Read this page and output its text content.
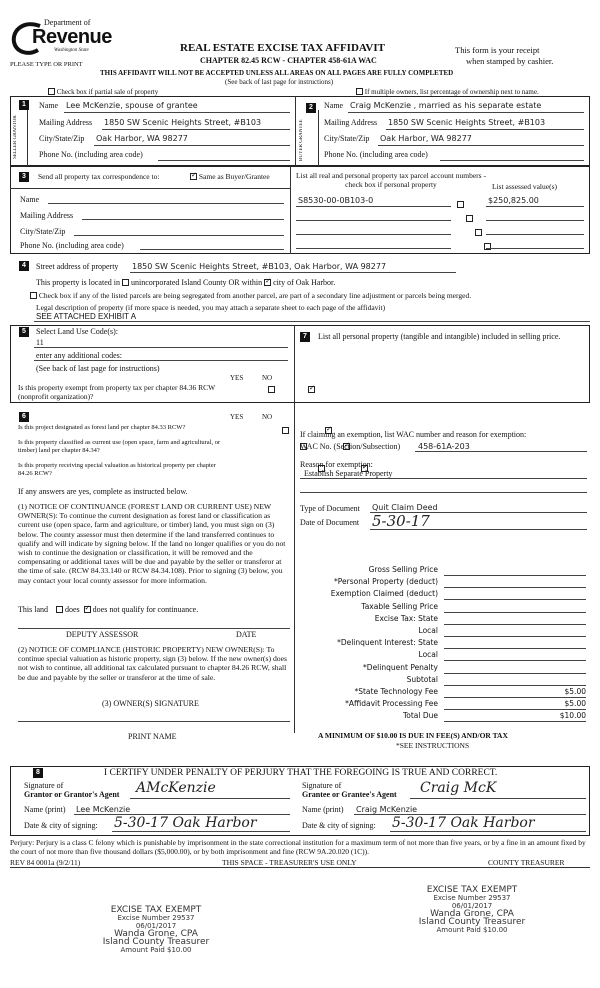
Department of
Revenue
Washington State
PLEASE TYPE OR PRINT
REAL ESTATE EXCISE TAX AFFIDAVIT
CHAPTER 82.45 RCW - CHAPTER 458-61A WAC
This form is your receipt
when stamped by cashier.
THIS AFFIDAVIT WILL NOT BE ACCEPTED UNLESS ALL AREAS ON ALL PAGES ARE FULLY COMPLETED
(See back of last page for instructions)
Check box if partial sale of property	If multiple owners, list percentage of ownership next to name.
1
SELLER GRANTOR
Name Lee McKenzie, spouse of grantee
Mailing Address 1850 SW Scenic Heights Street, #B103
City/State/Zip Oak Harbor, WA 98277
Phone No. (including area code)
2
BUYER GRANTEE
Name Craig McKenzie , married as his separate estate
Mailing Address 1850 SW Scenic Heights Street, #B103
City/State/Zip Oak Harbor, WA 98277
Phone No. (including area code)
3	Send all property tax correspondence to: ✓	Same as Buyer/Grantee
Name
Mailing Address
City/State/Zip
Phone No. (including area code)
List all real and personal property tax parcel account numbers - check box if personal property	List assessed value(s)
S8530-00-0B103-0	$250,825.00

4	Street address of property 1850 SW Scenic Heights Street, #B103, Oak Harbor, WA 98277
This property is located in unincorporated Island County OR within ✓ city of Oak Harbor.
Check box if any of the listed parcels are being segregated from another parcel, are part of a secondary line adjustment or parcels being merged.
Legal description of property (if more space is needed, you may attach a separate sheet to each page of the affidavit)
SEE ATTACHED EXHIBIT A
5	Select Land Use Code(s):
11
enter any additional codes:
(See back of last page for instructions)
YES	NO
Is this property exempt from property tax per chapter 84.36 RCW (nonprofit organization)?
✓
7	List all personal property (tangible and intangible) included in selling price.
6	YES	NO
Is this project designated as forest land per chapter 84.33 RCW?
✓
Is this property classified as current use (open space, farm and agricultural, or timber) land per chapter 84.34?
✓
Is this property receiving special valuation as historical property per chapter 84.26 RCW?
✓
If any answers are yes, complete as instructed below.
(1) NOTICE OF CONTINUANCE (FOREST LAND OR CURRENT USE) NEW OWNER(S): To continue the current designation as forest land or classification as current use (open space, farm and agriculture, or timber) land, you must sign on (3) below. The county assessor must then determine if the land transferred continues to qualify and will indicate by signing below. If the land no longer qualifies or you do not wish to continue the designation or classification, it will be removed and the compensating or additional taxes will be due and payable by the seller or transferor at the time of sale. (RCW 84.33.140 or RCW 84.34.108). Prior to signing (3) below, you may contact your local county assessor for more information.
This land does ✓ does not qualify for continuance.
DEPUTY ASSESSOR	DATE
(2) NOTICE OF COMPLIANCE (HISTORIC PROPERTY) NEW OWNER(S): To continue special valuation as historic property, sign (3) below. If the new owner(s) does not wish to continue, all additional tax calculated pursuant to chapter 84.26 RCW, shall be due and payable by the seller or transferor at the time of sale.
(3) OWNER(S) SIGNATURE
PRINT NAME
If claiming an exemption, list WAC number and reason for exemption:
WAC No. (Section/Subsection) 458-61A-203
Reason for exemption:
Establish Separate Property
Type of Document Quit Claim Deed
Date of Document 5-30-17
Gross Selling Price
*Personal Property (deduct)
Exemption Claimed (deduct)
Taxable Selling Price
Excise Tax: State
Local
*Delinquent Interest: State
Local
*Delinquent Penalty
Subtotal
*State Technology Fee	$5.00
*Affidavit Processing Fee	$5.00
Total Due	$10.00
A MINIMUM OF $10.00 IS DUE IN FEE(S) AND/OR TAX
*SEE INSTRUCTIONS
8	I CERTIFY UNDER PENALTY OF PERJURY THAT THE FOREGOING IS TRUE AND CORRECT.
Signature of
Grantor or Grantor's Agent AMcKenzie
Name (print) Lee McKenzie
Date & city of signing: 5-30-17 Oak Harbor
Signature of
Grantee or Grantee's Agent Craig McK
Name (print) Craig McKenzie
Date & city of signing: 5-30-17 Oak Harbor
Perjury: Perjury is a class C felony which is punishable by imprisonment in the state correctional institution for a maximum term of not more than five years, or by a fine in an amount fixed by the court of not more than five thousand dollars ($5,000.00), or by both imprisonment and fine (RCW 9A.20.020 (1C)).
REV 84 0001a (9/2/11)	THIS SPACE - TREASURER'S USE ONLY	COUNTY TREASURER
EXCISE TAX EXEMPT
Excise Number 29537
06/01/2017
Wanda Grone, CPA
Island County Treasurer
Amount Paid $10.00
EXCISE TAX EXEMPT
Excise Number 29537
06/01/2017
Wanda Grone, CPA
Island County Treasurer
Amount Paid $10.00
